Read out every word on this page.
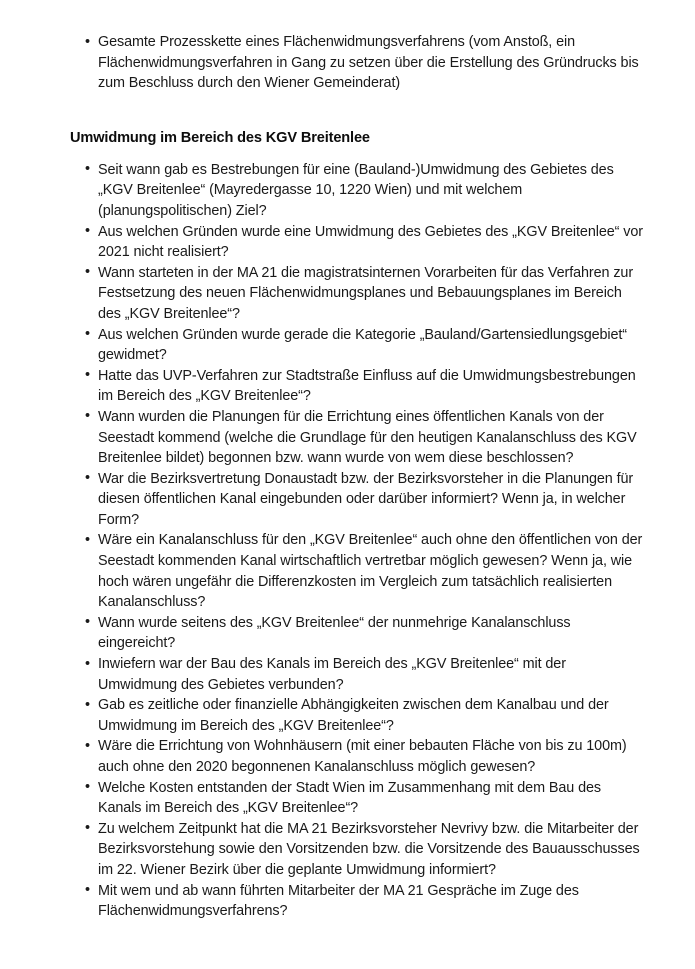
• Gesamte Prozesskette eines Flächenwidmungsverfahrens (vom Anstoß, ein Flächenwidmungsverfahren in Gang zu setzen über die Erstellung des Gründrucks bis zum Beschluss durch den Wiener Gemeinderat)
Umwidmung im Bereich des KGV Breitenlee
• Seit wann gab es Bestrebungen für eine (Bauland-)Umwidmung des Gebietes des „KGV Breitenlee“ (Mayredergasse 10, 1220 Wien) und mit welchem (planungspolitischen) Ziel?
• Aus welchen Gründen wurde eine Umwidmung des Gebietes des „KGV Breitenlee“ vor 2021 nicht realisiert?
• Wann starteten in der MA 21 die magistratsinternen Vorarbeiten für das Verfahren zur Festsetzung des neuen Flächenwidmungsplanes und Bebauungsplanes im Bereich des „KGV Breitenlee“?
• Aus welchen Gründen wurde gerade die Kategorie „Bauland/Gartensiedlungsgebiet“ gewidmet?
• Hatte das UVP-Verfahren zur Stadtstraße Einfluss auf die Umwidmungsbestrebungen im Bereich des „KGV Breitenlee“?
• Wann wurden die Planungen für die Errichtung eines öffentlichen Kanals von der Seestadt kommend (welche die Grundlage für den heutigen Kanalanschluss des KGV Breitenlee bildet) begonnen bzw. wann wurde von wem diese beschlossen?
• War die Bezirksvertretung Donaustadt bzw. der Bezirksvorsteher in die Planungen für diesen öffentlichen Kanal eingebunden oder darüber informiert? Wenn ja, in welcher Form?
• Wäre ein Kanalanschluss für den „KGV Breitenlee“ auch ohne den öffentlichen von der Seestadt kommenden Kanal wirtschaftlich vertretbar möglich gewesen? Wenn ja, wie hoch wären ungefähr die Differenzkosten im Vergleich zum tatsächlich realisierten Kanalanschluss?
• Wann wurde seitens des „KGV Breitenlee“ der nunmehrige Kanalanschluss eingereicht?
• Inwiefern war der Bau des Kanals im Bereich des „KGV Breitenlee“ mit der Umwidmung des Gebietes verbunden?
• Gab es zeitliche oder finanzielle Abhängigkeiten zwischen dem Kanalbau und der Umwidmung im Bereich des „KGV Breitenlee“?
• Wäre die Errichtung von Wohnhäusern (mit einer bebauten Fläche von bis zu 100m) auch ohne den 2020 begonnenen Kanalanschluss möglich gewesen?
• Welche Kosten entstanden der Stadt Wien im Zusammenhang mit dem Bau des Kanals im Bereich des „KGV Breitenlee“?
• Zu welchem Zeitpunkt hat die MA 21 Bezirksvorsteher Nevrivy bzw. die Mitarbeiter der Bezirksvorstehung sowie den Vorsitzenden bzw. die Vorsitzende des Bauausschusses im 22. Wiener Bezirk über die geplante Umwidmung informiert?
• Mit wem und ab wann führten Mitarbeiter der MA 21 Gespräche im Zuge des Flächenwidmungsverfahrens?
